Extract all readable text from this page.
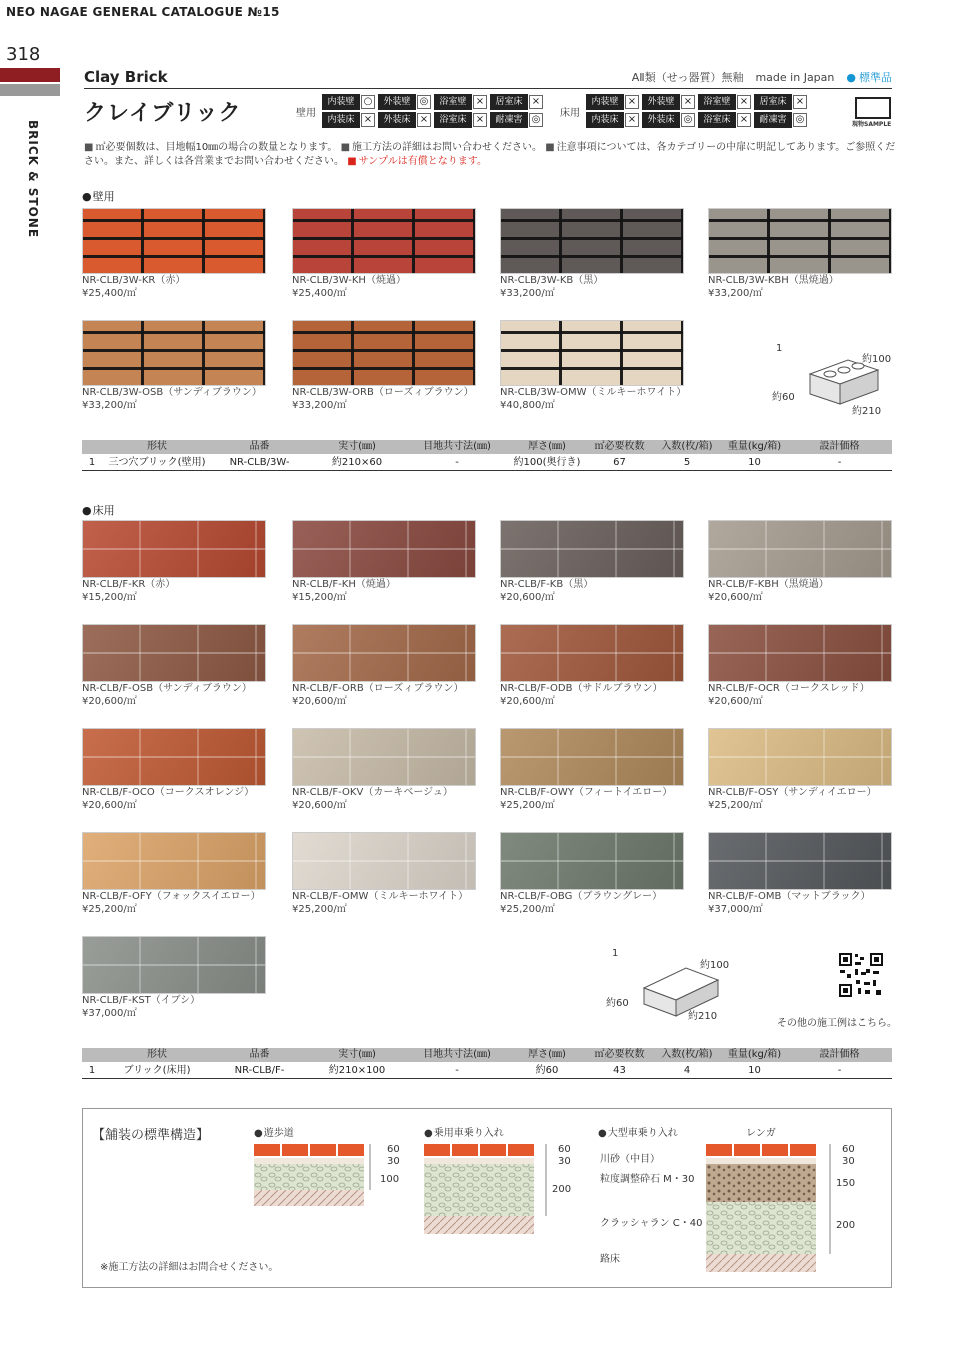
NEO NAGAE GENERAL CATALOGUE №15
318
BRICK & STONE
Clay Brick	AⅡ類（せっ器質）無釉 made in Japan	● 標準品
クレイブリック	壁用
内装壁 ○	外装壁 ◎	浴室壁 ×	居室床 ×
内装床 ×	外装床 ×	浴室床 ×	耐凍害 ◎
床用
内装壁 ×	外装壁 ×	浴室壁 ×	居室床 ×
内装床 ×	外装床 ◎	浴室床 ×	耐凍害 ◎	現物SAMPLE
■ ㎡必要個数は、目地幅10㎜の場合の数量となります。 ■ 施工方法の詳細はお問い合わせください。 ■ 注意事項については、各カテゴリーの中扉に明記してあります。ご参照ください。また、詳しくは各営業までお問い合わせください。 ■ サンプルは有償となります。
● 壁用
NR-CLB/3W-KR（赤）
¥25,400/㎡
NR-CLB/3W-KH（焼過）
¥25,400/㎡
NR-CLB/3W-KB（黒）
¥33,200/㎡
NR-CLB/3W-KBH（黒焼過）
¥33,200/㎡
NR-CLB/3W-OSB（サンディブラウン）
¥33,200/㎡
NR-CLB/3W-ORB（ローズィブラウン）
¥33,200/㎡
NR-CLB/3W-OMW（ミルキーホワイト）
¥40,800/㎡
1
約100
約60
約210
形状	品番	実寸(㎜)	目地共寸法(㎜)	厚さ(㎜)	㎡必要枚数	入数(枚/箱)	重量(kg/箱)	設計価格
1	三つ穴ブリック(壁用)	NR-CLB/3W-	約210×60	-	約100(奥行き)	67	5	10	-
● 床用
NR-CLB/F-KR（赤）
¥15,200/㎡
NR-CLB/F-KH（焼過）
¥15,200/㎡
NR-CLB/F-KB（黒）
¥20,600/㎡
NR-CLB/F-KBH（黒焼過）
¥20,600/㎡
NR-CLB/F-OSB（サンディブラウン）
¥20,600/㎡
NR-CLB/F-ORB（ローズィブラウン）
¥20,600/㎡
NR-CLB/F-ODB（サドルブラウン）
¥20,600/㎡
NR-CLB/F-OCR（コークスレッド）
¥20,600/㎡
NR-CLB/F-OCO（コークスオレンジ）
¥20,600/㎡
NR-CLB/F-OKV（カーキベージュ）
¥20,600/㎡
NR-CLB/F-OWY（フィートイエロー）
¥25,200/㎡
NR-CLB/F-OSY（サンディイエロー）
¥25,200/㎡
NR-CLB/F-OFY（フォックスイエロー）
¥25,200/㎡
NR-CLB/F-OMW（ミルキーホワイト）
¥25,200/㎡
NR-CLB/F-OBG（ブラウングレー）
¥25,200/㎡
NR-CLB/F-OMB（マットブラック）
¥37,000/㎡
NR-CLB/F-KST（イブシ）
¥37,000/㎡
1
約100
約60
約210
その他の施工例はこちら。
形状	品番	実寸(㎜)	目地共寸法(㎜)	厚さ(㎜)	㎡必要枚数	入数(枚/箱)	重量(kg/箱)	設計価格
1	ブリック(床用)	NR-CLB/F-	約210×100	-	約60	43	4	10	-
【舗装の標準構造】
※施工方法の詳細はお問合せください。
● 遊歩道	● 乗用車乗り入れ	● 大型車乗り入れ
60
30
100
60
30
200
60
30
150
200
レンガ
川砂（中目）
粒度調整砕石 M・30
クラッシャラン C・40
路床
